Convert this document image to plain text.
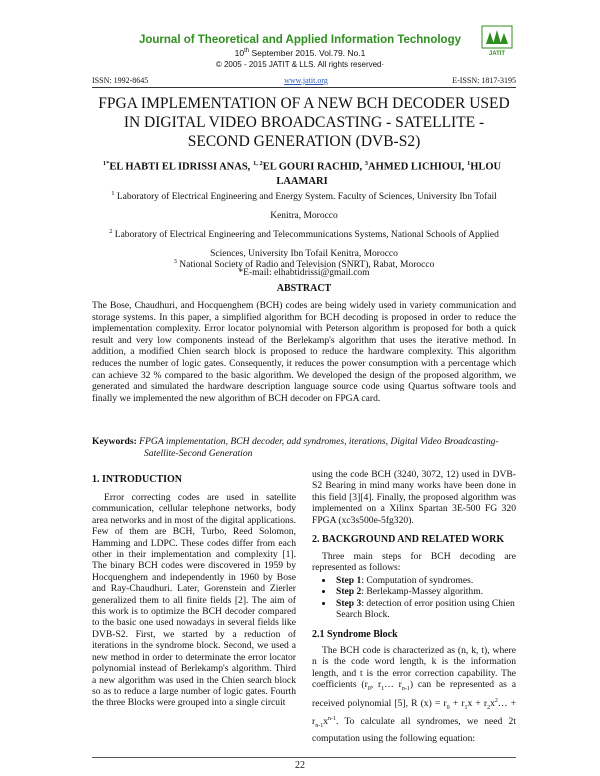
JATIT
Journal of Theoretical and Applied Information Technology
10th September 2015. Vol.79. No.1
© 2005 - 2015 JATIT & LLS. All rights reserved·
ISSN: 1992-8645	www.jatit.org	E-ISSN: 1817-3195
FPGA IMPLEMENTATION OF A NEW BCH DECODER USED
IN DIGITAL VIDEO BROADCASTING - SATELLITE -
SECOND GENERATION (DVB-S2)
$^{1*}$EL HABTI EL IDRISSI ANAS, $^{1, 2}$EL GOURI RACHID, $^3$AHMED LICHIOUI, $^1$HLOU
LAAMARI
$^1$ Laboratory of Electrical Engineering and Energy System. Faculty of Sciences, University Ibn Tofail
Kenitra, Morocco
$^2$ Laboratory of Electrical Engineering and Telecommunications Systems, National Schools of Applied
Sciences, University Ibn Tofail Kenitra, Morocco
$^3$ National Society of Radio and Television (SNRT), Rabat, Morocco
*E-mail: elhabtidrissi@gmail.com
ABSTRACT
The Bose, Chaudhuri, and Hocquenghem (BCH) codes are being widely used in variety communication and storage systems. In this paper, a simplified algorithm for BCH decoding is proposed in order to reduce the implementation complexity. Error locator polynomial with Peterson algorithm is proposed for both a quick result and very low components instead of the Berlekamp's algorithm that uses the iterative method. In addition, a modified Chien search block is proposed to reduce the hardware complexity. This algorithm reduces the number of logic gates. Consequently, it reduces the power consumption with a percentage which can achieve 32 % compared to the basic algorithm. We developed the design of the proposed algorithm, we generated and simulated the hardware description language source code using Quartus software tools and finally we implemented the new algorithm of BCH decoder on FPGA card.
Keywords: FPGA implementation, BCH decoder, add syndromes, iterations, Digital Video Broadcasting-
Satellite-Second Generation
1. INTRODUCTION
Error correcting codes are used in satellite communication, cellular telephone networks, body area networks and in most of the digital applications. Few of them are BCH, Turbo, Reed Solomon, Hamming and LDPC. These codes differ from each other in their implementation and complexity [1]. The binary BCH codes were discovered in 1959 by Hocquenghem and independently in 1960 by Bose and Ray-Chaudhuri. Later, Gorenstein and Zierler generalized them to all finite fields [2]. The aim of this work is to optimize the BCH decoder compared to the basic one used nowadays in several fields like DVB-S2. First, we started by a reduction of iterations in the syndrome block. Second, we used a new method in order to determinate the error locator polynomial instead of Berlekamp's algorithm. Third a new algorithm was used in the Chien search block so as to reduce a large number of logic gates. Fourth the three Blocks were grouped into a single circuit
using the code BCH (3240, 3072, 12) used in DVB-S2 Bearing in mind many works have been done in this field [3][4]. Finally, the proposed algorithm was implemented on a Xilinx Spartan 3E-500 FG 320 FPGA (xc3s500e-5fg320).
2. BACKGROUND AND RELATED WORK
Three main steps for BCH decoding are represented as follows:
• Step 1: Computation of syndromes.
• Step 2: Berlekamp-Massey algorithm.
• Step 3: detection of error position using Chien Search Block.
2.1 Syndrome Block
The BCH code is characterized as (n, k, t), where n is the code word length, k is the information length, and t is the error correction capability. The coefficients ($r_0$, $r_1\dots$ $r_{n-1}$) can be represented as a received polynomial [5], R $(x) = r_0 + r_1x$ + $r_2x^2\dots + r_{n-1}x^{n-1}$. To calculate all syndromes, we need 2t computation using the following equation:
22
